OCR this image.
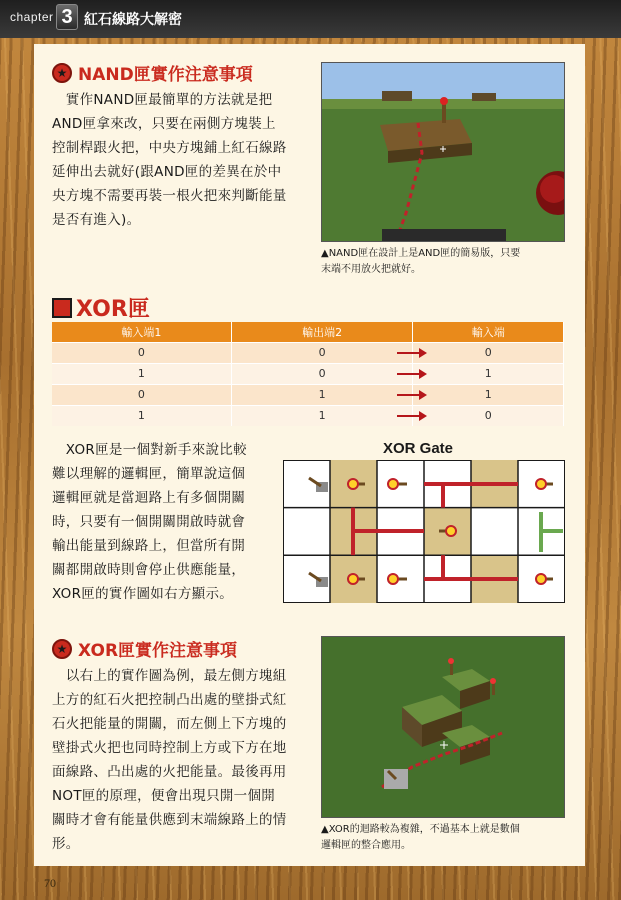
chapter 3 紅石線路大解密
★ NAND匣實作注意事項
　實作NAND匣最簡單的方法就是把
AND匣拿來改，只要在兩側方塊裝上
控制桿跟火把，中央方塊鋪上紅石線路
延伸出去就好(跟AND匣的差異在於中
央方塊不需要再裝一根火把來判斷能量
是否有進入)。
▲NAND匣在設計上是AND匣的簡易版，只要
末端不用放火把就好。
XOR匣
輸入端1	輸出端2	輸入端
0	0	0
1	0	1
0	1	1
1	1	0
　XOR匣是一個對新手來說比較
難以理解的邏輯匣，簡單說這個
邏輯匣就是當迴路上有多個開關
時，只要有一個開關開啟時就會
輸出能量到線路上，但當所有開
關都開啟時則會停止供應能量，
XOR匣的實作圖如右方顯示。
XOR Gate
★ XOR匣實作注意事項
　以右上的實作圖為例，最左側方塊組
上方的紅石火把控制凸出處的壁掛式紅
石火把能量的開關，而左側上下方塊的
壁掛式火把也同時控制上方或下方在地
面線路、凸出處的火把能量。最後再用
NOT匣的原理，便會出現只開一個開
關時才會有能量供應到末端線路上的情
形。
▲XOR的迴路較為複雜，不過基本上就是數個
邏輯匣的整合應用。
70
